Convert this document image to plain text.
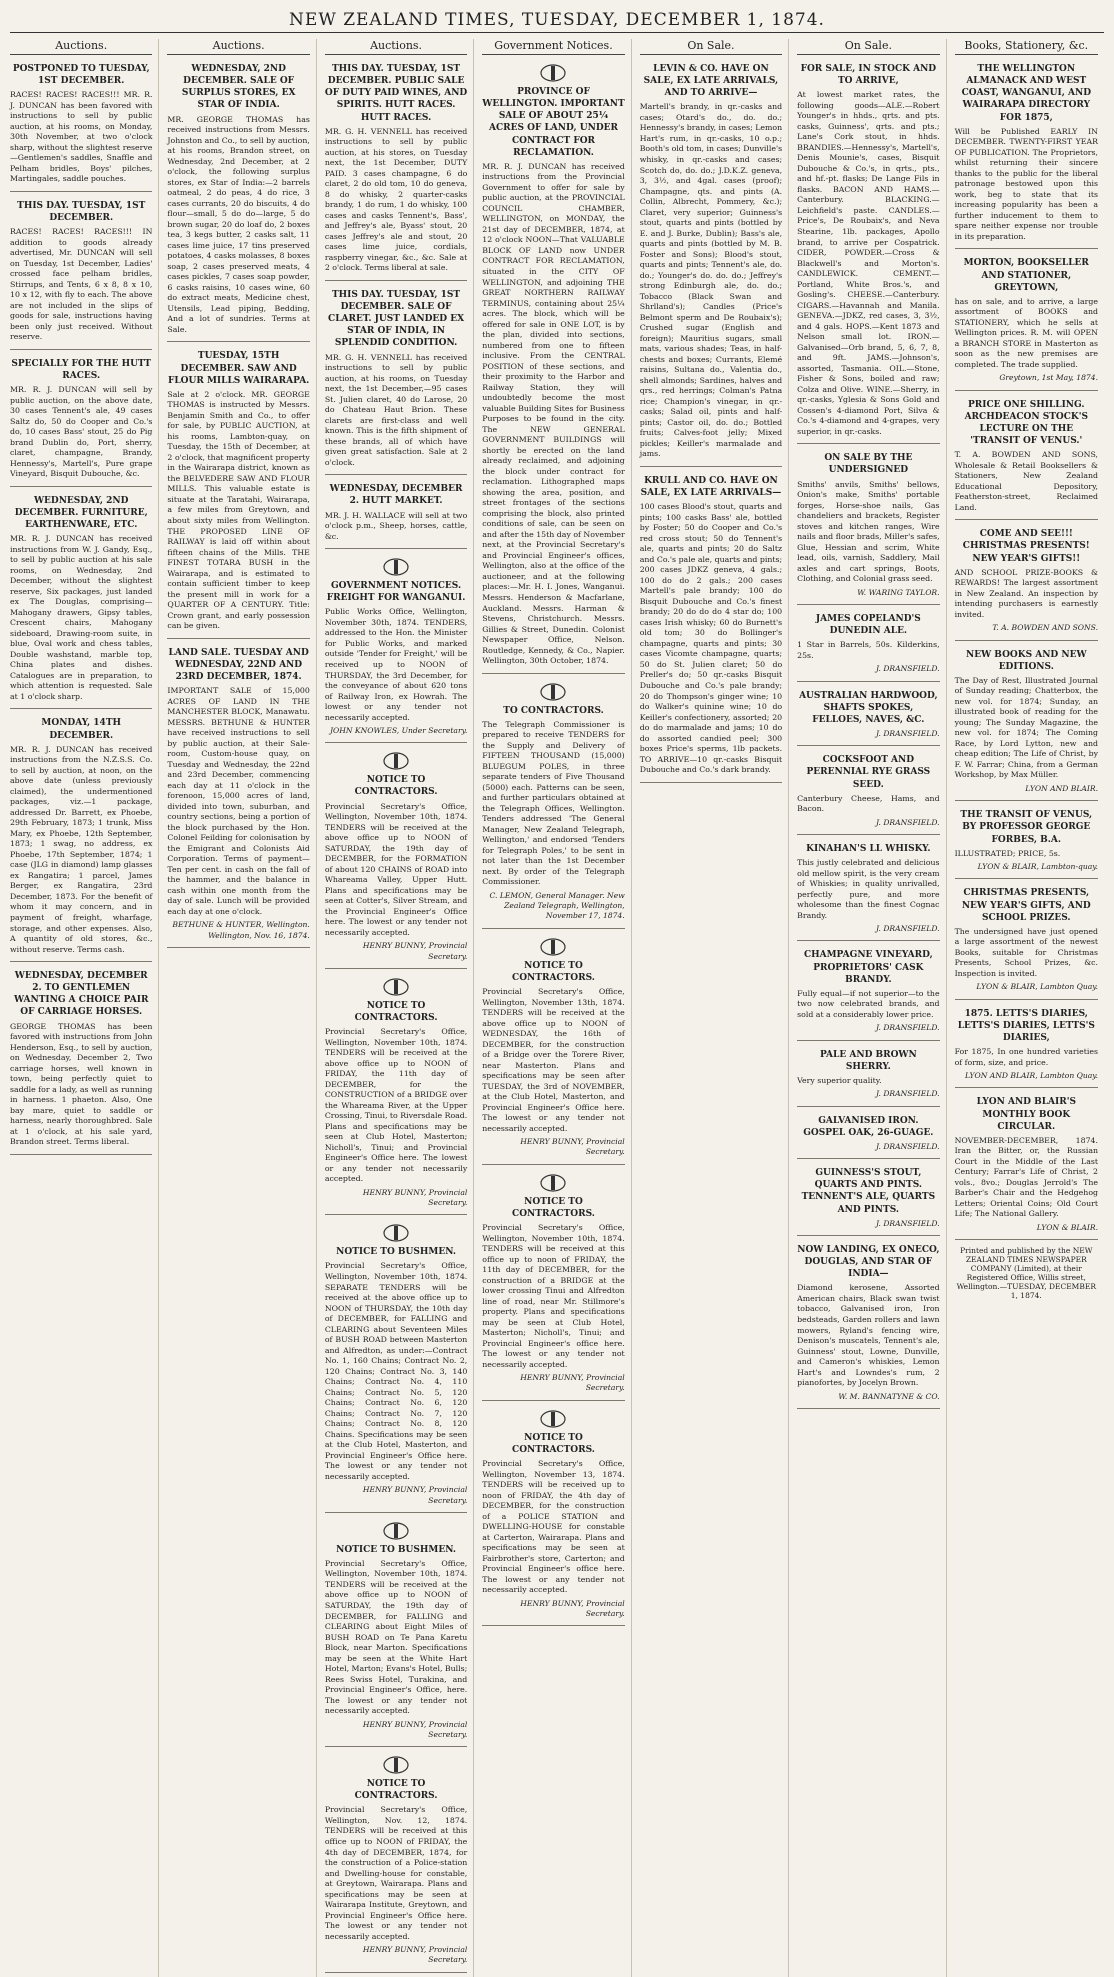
NEW ZEALAND TIMES, TUESDAY, DECEMBER 1, 1874.
Auctions.
POSTPONED TO TUESDAY, 1ST DECEMBER.
RACES! RACES! RACES!!! MR. R. J. DUNCAN has been favored with instructions to sell by public auction, at his rooms, on Monday, 30th November, at two o'clock sharp, without the slightest reserve—Gentlemen's saddles, Snaffle and Pelham bridles, Boys' pilches, Martingales, saddle pouches.
THIS DAY. TUESDAY, 1ST DECEMBER.
RACES! RACES! RACES!!! IN addition to goods already advertised, Mr. DUNCAN will sell on Tuesday, 1st December, Ladies' crossed face pelham bridles, Stirrups, and Tents, 6 x 8, 8 x 10, 10 x 12, with fly to each. The above are not included in the slips of goods for sale, instructions having been only just received. Without reserve.
SPECIALLY FOR THE HUTT RACES.
MR. R. J. DUNCAN will sell by public auction, on the above date, 30 cases Tennent's ale, 49 cases Saltz do, 50 do Cooper and Co.'s do, 10 cases Bass' stout, 25 do Pig brand Dublin do, Port, sherry, claret, champagne, Brandy, Hennessy's, Martell's, Pure grape Vineyard, Bisquit Dubouche, &c.
WEDNESDAY, 2ND DECEMBER. FURNITURE, EARTHENWARE, ETC.
MR. R. J. DUNCAN has received instructions from W. J. Gandy, Esq., to sell by public auction at his sale rooms, on Wednesday, 2nd December, without the slightest reserve, Six packages, just landed ex The Douglas, comprising—Mahogany drawers, Gipsy tables, Crescent chairs, Mahogany sideboard, Drawing-room suite, in blue, Oval work and chess tables, Double washstand, marble top, China plates and dishes. Catalogues are in preparation, to which attention is requested. Sale at 1 o'clock sharp.
MONDAY, 14TH DECEMBER.
MR. R. J. DUNCAN has received instructions from the N.Z.S.S. Co. to sell by auction, at noon, on the above date (unless previously claimed), the undermentioned packages, viz.—1 package, addressed Dr. Barrett, ex Phoebe, 29th February, 1873; 1 trunk, Miss Mary, ex Phoebe, 12th September, 1873; 1 swag, no address, ex Phoebe, 17th September, 1874; 1 case (JLG in diamond) lamp glasses ex Rangatira; 1 parcel, James Berger, ex Rangatira, 23rd December, 1873. For the benefit of whom it may concern, and in payment of freight, wharfage, storage, and other expenses. Also, A quantity of old stores, &c., without reserve. Terms cash.
WEDNESDAY, DECEMBER 2. TO GENTLEMEN WANTING A CHOICE PAIR OF CARRIAGE HORSES.
GEORGE THOMAS has been favored with instructions from John Henderson, Esq., to sell by auction, on Wednesday, December 2, Two carriage horses, well known in town, being perfectly quiet to saddle for a lady, as well as running in harness. 1 phaeton. Also, One bay mare, quiet to saddle or harness, nearly thoroughbred. Sale at 1 o'clock, at his sale yard, Brandon street. Terms liberal.
Auctions.
WEDNESDAY, 2ND DECEMBER. SALE OF SURPLUS STORES, EX STAR OF INDIA.
MR. GEORGE THOMAS has received instructions from Messrs. Johnston and Co., to sell by auction, at his rooms, Brandon street, on Wednesday, 2nd December, at 2 o'clock, the following surplus stores, ex Star of India:—2 barrels oatmeal, 2 do peas, 4 do rice, 3 cases currants, 20 do biscuits, 4 do flour—small, 5 do do—large, 5 do brown sugar, 20 do loaf do, 2 boxes tea, 3 kegs butter, 2 casks salt, 11 cases lime juice, 17 tins preserved potatoes, 4 casks molasses, 8 boxes soap, 2 cases preserved meats, 4 cases pickles, 7 cases soap powder, 6 casks raisins, 10 cases wine, 60 do extract meats, Medicine chest, Utensils, Lead piping, Bedding, And a lot of sundries. Terms at Sale.
TUESDAY, 15TH DECEMBER. SAW AND FLOUR MILLS WAIRARAPA.
Sale at 2 o'clock. MR. GEORGE THOMAS is instructed by Messrs. Benjamin Smith and Co., to offer for sale, by PUBLIC AUCTION, at his rooms, Lambton-quay, on Tuesday, the 15th of December, at 2 o'clock, that magnificent property in the Wairarapa district, known as the BELVEDERE SAW AND FLOUR MILLS. This valuable estate is situate at the Taratahi, Wairarapa, a few miles from Greytown, and about sixty miles from Wellington. THE PROPOSED LINE OF RAILWAY is laid off within about fifteen chains of the Mills. THE FINEST TOTARA BUSH in the Wairarapa, and is estimated to contain sufficient timber to keep the present mill in work for a QUARTER OF A CENTURY. Title: Crown grant, and early possession can be given.
LAND SALE. TUESDAY AND WEDNESDAY, 22ND AND 23RD DECEMBER, 1874.
IMPORTANT SALE of 15,000 ACRES OF LAND IN THE MANCHESTER BLOCK, Manawatu. MESSRS. BETHUNE & HUNTER have received instructions to sell by public auction, at their Sale-room, Custom-house quay, on Tuesday and Wednesday, the 22nd and 23rd December, commencing each day at 11 o'clock in the forenoon, 15,000 acres of land, divided into town, suburban, and country sections, being a portion of the block purchased by the Hon. Colonel Feilding for colonisation by the Emigrant and Colonists Aid Corporation. Terms of payment—Ten per cent. in cash on the fall of the hammer, and the balance in cash within one month from the day of sale. Lunch will be provided each day at one o'clock.
BETHUNE & HUNTER, Wellington. Wellington, Nov. 16, 1874.
Auctions.
THIS DAY. TUESDAY, 1ST DECEMBER. PUBLIC SALE OF DUTY PAID WINES, AND SPIRITS. HUTT RACES. HUTT RACES.
MR. G. H. VENNELL has received instructions to sell by public auction, at his stores, on Tuesday next, the 1st December, DUTY PAID. 3 cases champagne, 6 do claret, 2 do old tom, 10 do geneva, 8 do whisky, 2 quarter-casks brandy, 1 do rum, 1 do whisky, 100 cases and casks Tennent's, Bass', and Jeffrey's ale, Byass' stout, 20 cases Jeffrey's ale and stout, 20 cases lime juice, cordials, raspberry vinegar, &c., &c. Sale at 2 o'clock. Terms liberal at sale.
THIS DAY. TUESDAY, 1ST DECEMBER. SALE OF CLARET. JUST LANDED EX STAR OF INDIA, IN SPLENDID CONDITION.
MR. G. H. VENNELL has received instructions to sell by public auction, at his rooms, on Tuesday next, the 1st December,—95 cases St. Julien claret, 40 do Larose, 20 do Chateau Haut Brion. These clarets are first-class and well known. This is the fifth shipment of these brands, all of which have given great satisfaction. Sale at 2 o'clock.
WEDNESDAY, DECEMBER 2. HUTT MARKET.
MR. J. H. WALLACE will sell at two o'clock p.m., Sheep, horses, cattle, &c.
GOVERNMENT NOTICES. FREIGHT FOR WANGANUI.
Public Works Office, Wellington, November 30th, 1874. TENDERS, addressed to the Hon. the Minister for Public Works, and marked outside 'Tender for Freight,' will be received up to NOON of THURSDAY, the 3rd December, for the conveyance of about 620 tons of Railway Iron, ex Howrah. The lowest or any tender not necessarily accepted.
JOHN KNOWLES, Under Secretary.
NOTICE TO CONTRACTORS.
Provincial Secretary's Office, Wellington, November 10th, 1874. TENDERS will be received at the above office up to NOON of SATURDAY, the 19th day of DECEMBER, for the FORMATION of about 120 CHAINS of ROAD into Whareama Valley, Upper Hutt. Plans and specifications may be seen at Cotter's, Silver Stream, and the Provincial Engineer's Office here. The lowest or any tender not necessarily accepted.
HENRY BUNNY, Provincial Secretary.
NOTICE TO CONTRACTORS.
Provincial Secretary's Office, Wellington, November 10th, 1874. TENDERS will be received at the above office up to NOON of FRIDAY, the 11th day of DECEMBER, for the CONSTRUCTION of a BRIDGE over the Whareama River, at the Upper Crossing, Tinui, to Riversdale Road. Plans and specifications may be seen at Club Hotel, Masterton; Nicholl's, Tinui; and Provincial Engineer's Office here. The lowest or any tender not necessarily accepted.
HENRY BUNNY, Provincial Secretary.
NOTICE TO BUSHMEN.
Provincial Secretary's Office, Wellington, November 10th, 1874. SEPARATE TENDERS will be received at the above office up to NOON of THURSDAY, the 10th day of DECEMBER, for FALLING and CLEARING about Seventeen Miles of BUSH ROAD between Masterton and Alfredton, as under:—Contract No. 1, 160 Chains; Contract No. 2, 120 Chains; Contract No. 3, 140 Chains; Contract No. 4, 110 Chains; Contract No. 5, 120 Chains; Contract No. 6, 120 Chains; Contract No. 7, 120 Chains; Contract No. 8, 120 Chains. Specifications may be seen at the Club Hotel, Masterton, and Provincial Engineer's Office here. The lowest or any tender not necessarily accepted.
HENRY BUNNY, Provincial Secretary.
NOTICE TO BUSHMEN.
Provincial Secretary's Office, Wellington, November 10th, 1874. TENDERS will be received at the above office up to NOON of SATURDAY, the 19th day of DECEMBER, for FALLING and CLEARING about Eight Miles of BUSH ROAD on Te Pana Karetu Block, near Marton. Specifications may be seen at the White Hart Hotel, Marton; Evans's Hotel, Bulls; Rees Swiss Hotel, Turakina, and Provincial Engineer's Office, here. The lowest or any tender not necessarily accepted.
HENRY BUNNY, Provincial Secretary.
NOTICE TO CONTRACTORS.
Provincial Secretary's Office, Wellington, Nov. 12, 1874. TENDERS will be received at this office up to NOON of FRIDAY, the 4th day of DECEMBER, 1874, for the construction of a Police-station and Dwelling-house for constable, at Greytown, Wairarapa. Plans and specifications may be seen at Wairarapa Institute, Greytown, and Provincial Engineer's Office here. The lowest or any tender not necessarily accepted.
HENRY BUNNY, Provincial Secretary.
Government Notices.
PROVINCE OF WELLINGTON. IMPORTANT SALE OF ABOUT 25¼ ACRES OF LAND, UNDER CONTRACT FOR RECLAMATION.
MR. R. J. DUNCAN has received instructions from the Provincial Government to offer for sale by public auction, at the PROVINCIAL COUNCIL CHAMBER, WELLINGTON, on MONDAY, the 21st day of DECEMBER, 1874, at 12 o'clock NOON—That VALUABLE BLOCK OF LAND now UNDER CONTRACT FOR RECLAMATION, situated in the CITY OF WELLINGTON, and adjoining THE GREAT NORTHERN RAILWAY TERMINUS, containing about 25¼ acres. The block, which will be offered for sale in ONE LOT, is by the plan, divided into sections, numbered from one to fifteen inclusive. From the CENTRAL POSITION of these sections, and their proximity to the Harbor and Railway Station, they will undoubtedly become the most valuable Building Sites for Business Purposes to be found in the city. The NEW GENERAL GOVERNMENT BUILDINGS will shortly be erected on the land already reclaimed, and adjoining the block under contract for reclamation. Lithographed maps showing the area, position, and street frontages of the sections comprising the block, also printed conditions of sale, can be seen on and after the 15th day of November next, at the Provincial Secretary's and Provincial Engineer's offices, Wellington, also at the office of the auctioneer, and at the following places:—Mr. H. I. Jones, Wanganui. Messrs. Henderson & Macfarlane, Auckland. Messrs. Harman & Stevens, Christchurch. Messrs. Gillies & Street, Dunedin. Colonist Newspaper Office, Nelson. Routledge, Kennedy, & Co., Napier. Wellington, 30th October, 1874.
TO CONTRACTORS.
The Telegraph Commissioner is prepared to receive TENDERS for the Supply and Delivery of FIFTEEN THOUSAND (15,000) BLUEGUM POLES, in three separate tenders of Five Thousand (5000) each. Patterns can be seen, and further particulars obtained at the Telegraph Offices, Wellington. Tenders addressed 'The General Manager, New Zealand Telegraph, Wellington,' and endorsed 'Tenders for Telegraph Poles,' to be sent in not later than the 1st December next. By order of the Telegraph Commissioner.
C. LEMON, General Manager. New Zealand Telegraph, Wellington, November 17, 1874.
NOTICE TO CONTRACTORS.
Provincial Secretary's Office, Wellington, November 13th, 1874. TENDERS will be received at the above office up to NOON of WEDNESDAY, the 16th of DECEMBER, for the construction of a Bridge over the Torere River, near Masterton. Plans and specifications may be seen after TUESDAY, the 3rd of NOVEMBER, at the Club Hotel, Masterton, and Provincial Engineer's Office here. The lowest or any tender not necessarily accepted.
HENRY BUNNY, Provincial Secretary.
NOTICE TO CONTRACTORS.
Provincial Secretary's Office, Wellington, November 10th, 1874. TENDERS will be received at this office up to noon of FRIDAY, the 11th day of DECEMBER, for the construction of a BRIDGE at the lower crossing Tinui and Alfredton line of road, near Mr. Stillmore's property. Plans and specifications may be seen at Club Hotel, Masterton; Nicholl's, Tinui; and Provincial Engineer's office here. The lowest or any tender not necessarily accepted.
HENRY BUNNY, Provincial Secretary.
NOTICE TO CONTRACTORS.
Provincial Secretary's Office, Wellington, November 13, 1874. TENDERS will be received up to noon of FRIDAY, the 4th day of DECEMBER, for the construction of a POLICE STATION and DWELLING-HOUSE for constable at Carterton, Wairarapa. Plans and specifications may be seen at Fairbrother's store, Carterton; and Provincial Engineer's office here. The lowest or any tender not necessarily accepted.
HENRY BUNNY, Provincial Secretary.
On Sale.
LEVIN & CO. HAVE ON SALE, EX LATE ARRIVALS, AND TO ARRIVE—
Martell's brandy, in qr.-casks and cases; Otard's do., do. do.; Hennessy's brandy, in cases; Lemon Hart's rum, in qr.-casks, 10 o.p.; Booth's old tom, in cases; Dunville's whisky, in qr.-casks and cases; Scotch do, do. do.; J.D.K.Z. geneva, 3, 3½, and 4gal. cases (proof); Champagne, qts. and pints (A. Collin, Albrecht, Pommery, &c.); Claret, very superior; Guinness's stout, quarts and pints (bottled by E. and J. Burke, Dublin); Bass's ale, quarts and pints (bottled by M. B. Foster and Sons); Blood's stout, quarts and pints; Tennent's ale, do. do.; Younger's do. do. do.; Jeffrey's strong Edinburgh ale, do. do.; Tobacco (Black Swan and Shrlland's); Candles (Price's Belmont sperm and De Roubaix's); Crushed sugar (English and foreign); Mauritius sugars, small mats, various shades; Teas, in half-chests and boxes; Currants, Elemé raisins, Sultana do., Valentia do., shell almonds; Sardines, halves and qrs., red herrings; Colman's Patna rice; Champion's vinegar, in qr.-casks; Salad oil, pints and half-pints; Castor oil, do. do.; Bottled fruits; Calves-foot jelly; Mixed pickles; Keiller's marmalade and jams.
KRULL AND CO. HAVE ON SALE, EX LATE ARRIVALS—
100 cases Blood's stout, quarts and pints; 100 casks Bass' ale, bottled by Foster; 50 do Cooper and Co.'s red cross stout; 50 do Tennent's ale, quarts and pints; 20 do Saltz and Co.'s pale ale, quarts and pints; 200 cases JDKZ geneva, 4 gals.; 100 do do 2 gals.; 200 cases Martell's pale brandy; 100 do Bisquit Dubouche and Co.'s finest brandy; 20 do do do 4 star do; 100 cases Irish whisky; 60 do Burnett's old tom; 30 do Bollinger's champagne, quarts and pints; 30 cases Vicomte champagne, quarts; 50 do St. Julien claret; 50 do Preller's do; 50 qr.-casks Bisquit Dubouche and Co.'s pale brandy; 20 do Thompson's ginger wine; 10 do Walker's quinine wine; 10 do Keiller's confectionery, assorted; 20 do do marmalade and jams; 10 do do assorted candied peel; 300 boxes Price's sperms, 1lb packets. TO ARRIVE—10 qr.-casks Bisquit Dubouche and Co.'s dark brandy.
On Sale.
FOR SALE, IN STOCK AND TO ARRIVE,
At lowest market rates, the following goods—ALE.—Robert Younger's in hhds., qrts. and pts. casks, Guinness', qrts. and pts.; Lane's Cork stout, in hhds. BRANDIES.—Hennessy's, Martell's, Denis Mounie's, cases, Bisquit Dubouche & Co.'s, in qrts., pts., and hf.-pt. flasks; De Lange Fils in flasks. BACON AND HAMS.—Canterbury. BLACKING.—Leichfield's paste. CANDLES.—Price's, De Roubaix's, and Neva Stearine, 1lb. packages, Apollo brand, to arrive per Cospatrick. CIDER, POWDER.—Cross & Blackwell's and Morton's. CANDLEWICK. CEMENT.—Portland, White Bros.'s, and Gosling's. CHEESE.—Canterbury. CIGARS.—Havannah and Manila. GENEVA.—JDKZ, red cases, 3, 3½, and 4 gals. HOPS.—Kent 1873 and Nelson small lot. IRON.—Galvanised—Orb brand, 5, 6, 7, 8, and 9ft. JAMS.—Johnson's, assorted, Tasmania. OIL.—Stone, Fisher & Sons, boiled and raw; Colza and Olive. WINE.—Sherry, in qr.-casks, Yglesia & Sons Gold and Cossen's 4-diamond Port, Silva & Co.'s 4-diamond and 4-grapes, very superior, in qr.-casks.
ON SALE BY THE UNDERSIGNED
Smiths' anvils, Smiths' bellows, Onion's make, Smiths' portable forges, Horse-shoe nails, Gas chandeliers and brackets, Register stoves and kitchen ranges, Wire nails and floor brads, Miller's safes, Glue, Hessian and scrim, White lead, oils, varnish, Saddlery, Mail axles and cart springs, Boots, Clothing, and Colonial grass seed.
W. WARING TAYLOR.
JAMES COPELAND'S DUNEDIN ALE.
1 Star in Barrels, 50s. Kilderkins, 25s.
J. DRANSFIELD.
AUSTRALIAN HARDWOOD, SHAFTS SPOKES, FELLOES, NAVES, &C.
J. DRANSFIELD.
COCKSFOOT AND PERENNIAL RYE GRASS SEED.
Canterbury Cheese, Hams, and Bacon.
J. DRANSFIELD.
KINAHAN'S LL WHISKY.
This justly celebrated and delicious old mellow spirit, is the very cream of Whiskies; in quality unrivalled, perfectly pure, and more wholesome than the finest Cognac Brandy.
J. DRANSFIELD.
CHAMPAGNE VINEYARD, PROPRIETORS' CASK BRANDY.
Fully equal—if not superior—to the two now celebrated brands, and sold at a considerably lower price.
J. DRANSFIELD.
PALE AND BROWN SHERRY.
Very superior quality.
J. DRANSFIELD.
GALVANISED IRON. GOSPEL OAK, 26-GUAGE.
J. DRANSFIELD.
GUINNESS'S STOUT, QUARTS AND PINTS. TENNENT'S ALE, QUARTS AND PINTS.
J. DRANSFIELD.
NOW LANDING, EX ONECO, DOUGLAS, AND STAR OF INDIA—
Diamond kerosene, Assorted American chairs, Black swan twist tobacco, Galvanised iron, Iron bedsteads, Garden rollers and lawn mowers, Ryland's fencing wire, Denison's muscatels, Tennent's ale, Guinness' stout, Lowne, Dunville, and Cameron's whiskies, Lemon Hart's and Lowndes's rum, 2 pianofortes, by Jocelyn Brown.
W. M. BANNATYNE & CO.
Books, Stationery, &c.
THE WELLINGTON ALMANACK AND WEST COAST, WANGANUI, AND WAIRARAPA DIRECTORY FOR 1875,
Will be Published EARLY IN DECEMBER. TWENTY-FIRST YEAR OF PUBLICATION. The Proprietors, whilst returning their sincere thanks to the public for the liberal patronage bestowed upon this work, beg to state that its increasing popularity has been a further inducement to them to spare neither expense nor trouble in its preparation.
MORTON, BOOKSELLER AND STATIONER, GREYTOWN,
has on sale, and to arrive, a large assortment of BOOKS and STATIONERY, which he sells at Wellington prices. R. M. will OPEN a BRANCH STORE in Masterton as soon as the new premises are completed. The trade supplied.
Greytown, 1st May, 1874.
PRICE ONE SHILLING. ARCHDEACON STOCK'S LECTURE ON THE 'TRANSIT OF VENUS.'
T. A. BOWDEN AND SONS, Wholesale & Retail Booksellers & Stationers, New Zealand Educational Depository, Featherston-street, Reclaimed Land.
COME AND SEE!!! CHRISTMAS PRESENTS! NEW YEAR'S GIFTS!!
AND SCHOOL PRIZE-BOOKS & REWARDS! The largest assortment in New Zealand. An inspection by intending purchasers is earnestly invited.
T. A. BOWDEN AND SONS.
NEW BOOKS AND NEW EDITIONS.
The Day of Rest, Illustrated Journal of Sunday reading; Chatterbox, the new vol. for 1874; Sunday, an illustrated book of reading for the young; The Sunday Magazine, the new vol. for 1874; The Coming Race, by Lord Lytton, new and cheap edition; The Life of Christ, by F. W. Farrar; China, from a German Workshop, by Max Müller.
LYON AND BLAIR.
THE TRANSIT OF VENUS, BY PROFESSOR GEORGE FORBES, B.A.
ILLUSTRATED; PRICE, 5s.
LYON & BLAIR, Lambton-quay.
CHRISTMAS PRESENTS, NEW YEAR'S GIFTS, AND SCHOOL PRIZES.
The undersigned have just opened a large assortment of the newest Books, suitable for Christmas Presents, School Prizes, &c. Inspection is invited.
LYON & BLAIR, Lambton Quay.
1875. LETTS'S DIARIES, LETTS'S DIARIES, LETTS'S DIARIES,
For 1875, In one hundred varieties of form, size, and price.
LYON AND BLAIR, Lambton Quay.
LYON AND BLAIR'S MONTHLY BOOK CIRCULAR.
NOVEMBER-DECEMBER, 1874. Iran the Bitter, or, the Russian Court in the Middle of the Last Century; Farrar's Life of Christ, 2 vols., 8vo.; Douglas Jerrold's The Barber's Chair and the Hedgehog Letters; Oriental Coins; Old Court Life; The National Gallery.
LYON & BLAIR.
Printed and published by the NEW ZEALAND TIMES NEWSPAPER COMPANY (Limited), at their Registered Office, Willis street, Wellington.—TUESDAY, DECEMBER 1, 1874.
